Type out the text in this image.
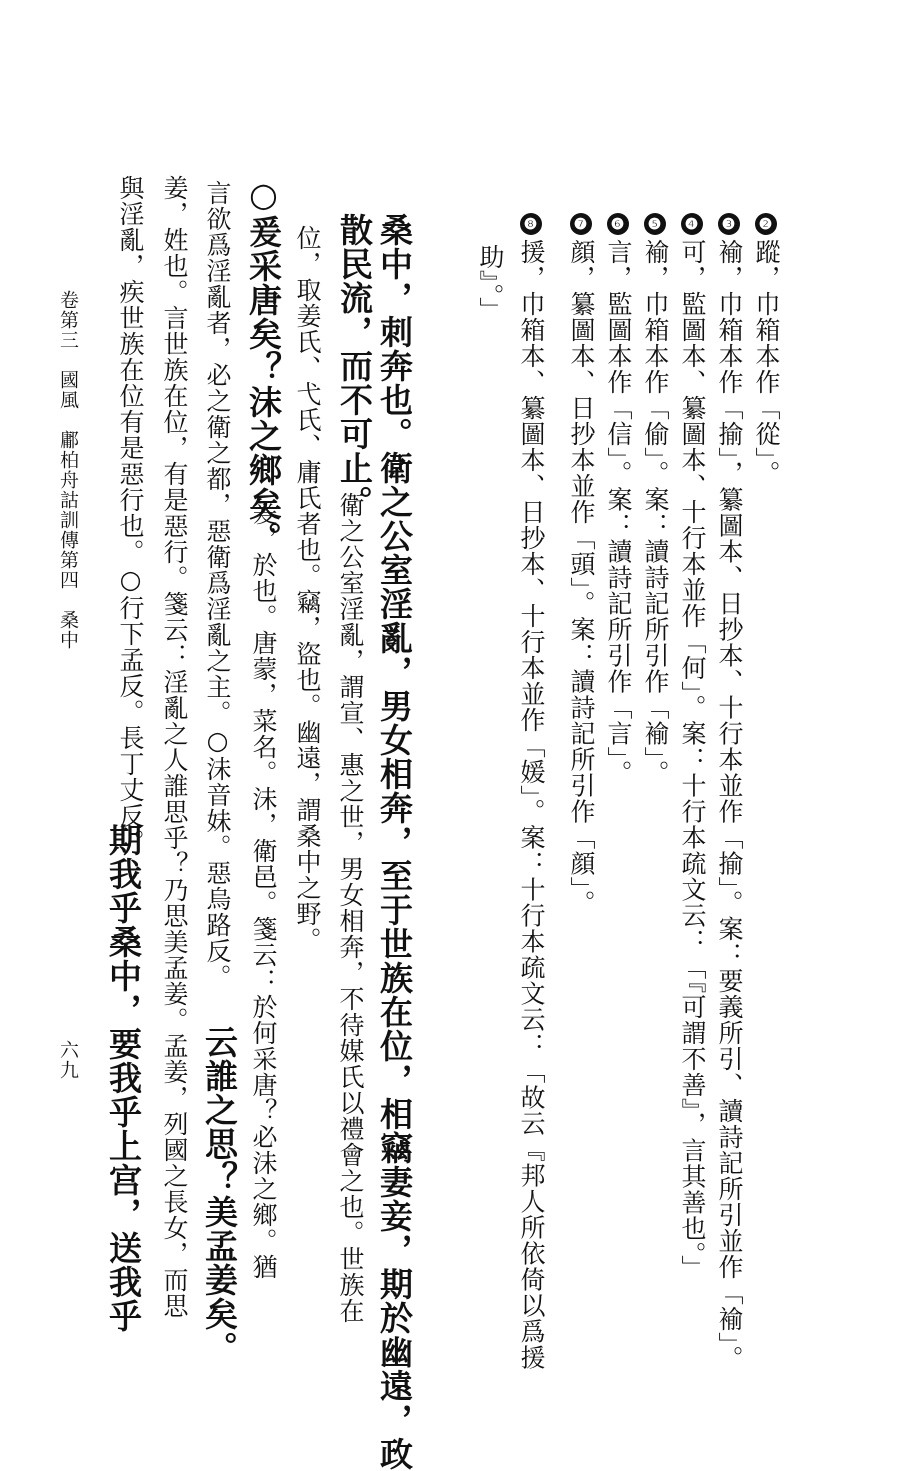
❷蹤，巾箱本作「從」。
❸褕，巾箱本作「揄」，纂圖本、日抄本、十行本並作「揄」。案：要義所引、讀詩記所引並作「褕」。
❹可，監圖本、纂圖本、十行本並作「何」。案：十行本疏文云：「『可謂不善』，言其善也。」
❺褕，巾箱本作「偷」。案：讀詩記所引作「褕」。
❻言，監圖本作「信」。案：讀詩記所引作「言」。
❼顔，纂圖本、日抄本並作「頭」。案：讀詩記所引作「顔」。
❽援，巾箱本、纂圖本、日抄本、十行本並作「媛」。案：十行本疏文云：「故云『邦人所依倚以爲援
助』。」
桑中，刺奔也。衛之公室淫亂，男女相奔，至于世族在位，相竊妻妾，期於幽遠，政
散民流，而不可止。
衛之公室淫亂，謂宣、惠之世，男女相奔，不待媒氏以禮會之也。世族在
位，取姜氏、弋氏、庸氏者也。竊，盜也。幽遠，謂桑中之野。
○爰采唐矣？沫之鄉矣。
爰，於也。唐蒙，菜名。沬，衛邑。箋云：於何采唐？必沬之鄉。猶
言欲爲淫亂者，必之衛之都，惡衛爲淫亂之主。○沬音妹。惡烏路反。
云誰之思？美孟姜矣。
姜，姓也。言世族在位，有是惡行。箋云：淫亂之人誰思乎？乃思美孟姜。孟姜，列國之長女，而思
與淫亂，疾世族在位有是惡行也。○行下孟反。長丁丈反。
期我乎桑中，要我乎上宫，送我乎
卷第三　國風　鄘柏舟詁訓傳第四　桑中
六九
